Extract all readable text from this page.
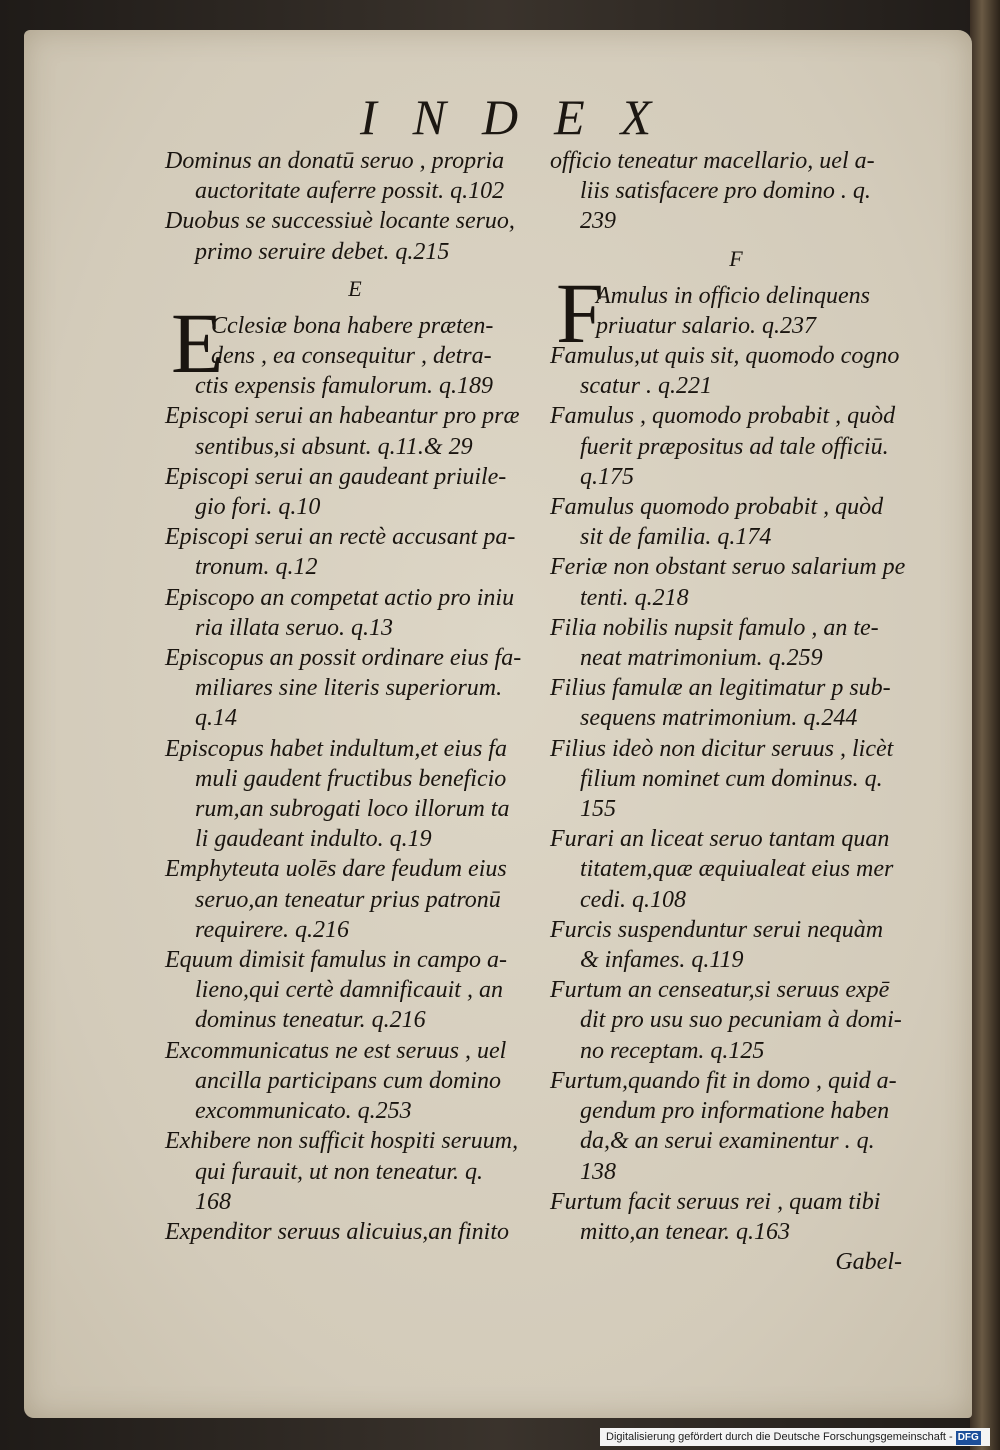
INDEX
Dominus an donatū seruo , propria
auctoritate auferre possit. q.102
Duobus se successiuè locante seruo,
primo seruire debet. q.215
E
E
Cclesiæ bona habere præten-
dens , ea consequitur , detra-
ctis expensis famulorum. q.189
Episcopi serui an habeantur pro præ
sentibus,si absunt. q.11.& 29
Episcopi serui an gaudeant priuile-
gio fori. q.10
Episcopi serui an rectè accusant pa-
tronum. q.12
Episcopo an competat actio pro iniu
ria illata seruo. q.13
Episcopus an possit ordinare eius fa-
miliares sine literis superiorum.
q.14
Episcopus habet indultum,et eius fa
muli gaudent fructibus beneficio
rum,an subrogati loco illorum ta
li gaudeant indulto. q.19
Emphyteuta uolēs dare feudum eius
seruo,an teneatur prius patronū
requirere. q.216
Equum dimisit famulus in campo a-
lieno,qui certè damnificauit , an
dominus teneatur. q.216
Excommunicatus ne est seruus , uel
ancilla participans cum domino
excommunicato. q.253
Exhibere non sufficit hospiti seruum,
qui furauit, ut non teneatur. q.
168
Expenditor seruus alicuius,an finito
officio teneatur macellario, uel a-
liis satisfacere pro domino . q.
239
F
F
Amulus in officio delinquens
priuatur salario. q.237
Famulus,ut quis sit, quomodo cogno
scatur . q.221
Famulus , quomodo probabit , quòd
fuerit præpositus ad tale officiū.
q.175
Famulus quomodo probabit , quòd
sit de familia. q.174
Feriæ non obstant seruo salarium pe
tenti. q.218
Filia nobilis nupsit famulo , an te-
neat matrimonium. q.259
Filius famulæ an legitimatur p sub-
sequens matrimonium. q.244
Filius ideò non dicitur seruus , licèt
filium nominet cum dominus. q.
155
Furari an liceat seruo tantam quan
titatem,quæ æquiualeat eius mer
cedi. q.108
Furcis suspenduntur serui nequàm
& infames. q.119
Furtum an censeatur,si seruus expē
dit pro usu suo pecuniam à domi-
no receptam. q.125
Furtum,quando fit in domo , quid a-
gendum pro informatione haben
da,& an serui examinentur . q.
138
Furtum facit seruus rei , quam tibi
mitto,an tenear. q.163
Gabel-
Digitalisierung gefördert durch die Deutsche Forschungsgemeinschaft - DFG
